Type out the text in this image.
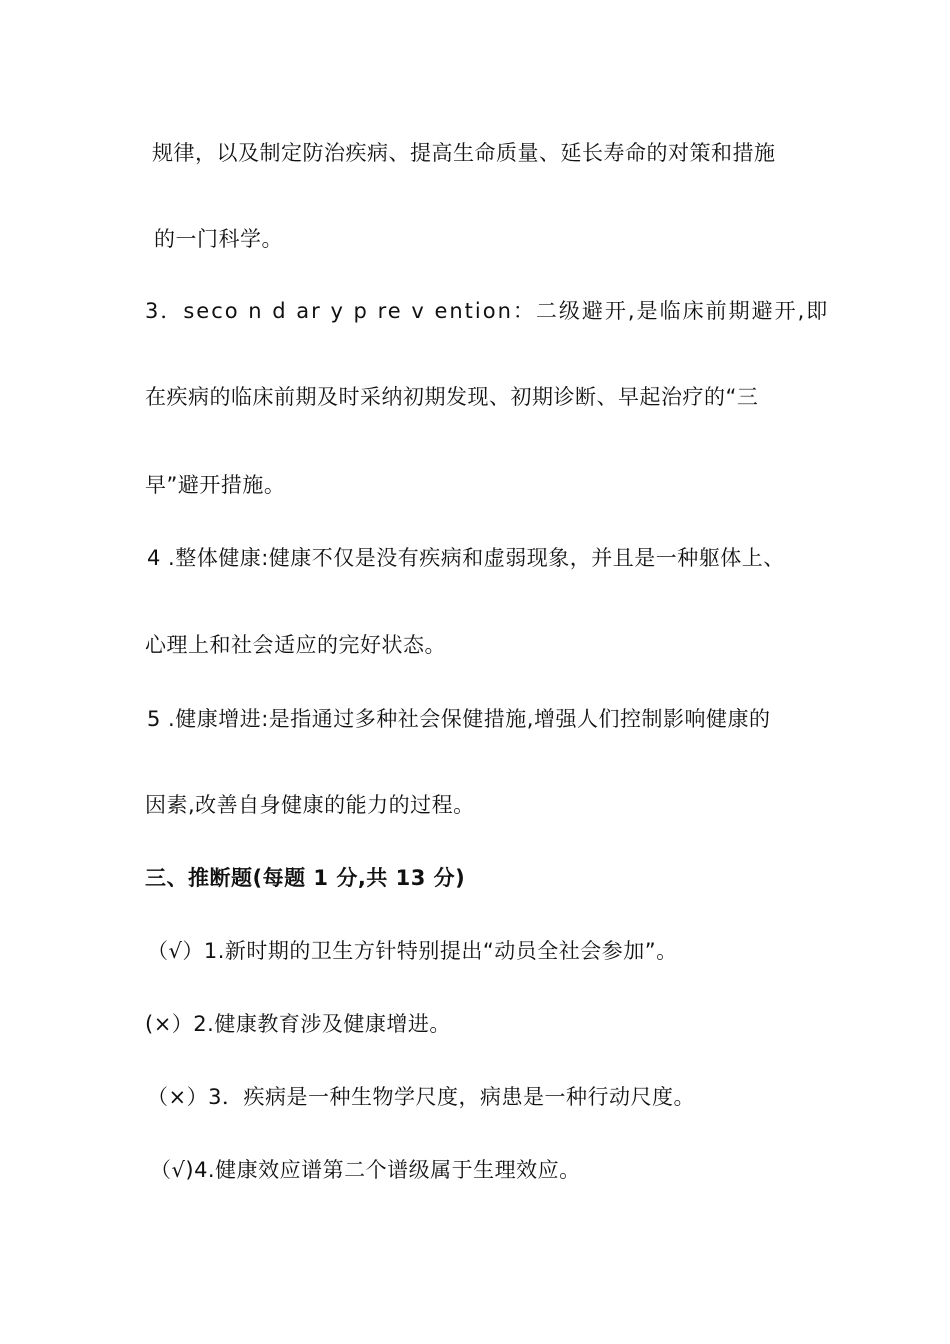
规律，以及制定防治疾病、提高生命质量、延长寿命的对策和措施
的一门科学。
3．seco n d ar y p re v ention：二级避开,是临床前期避开,即
在疾病的临床前期及时采纳初期发现、初期诊断、早起治疗的“三
早”避开措施。
4 .整体健康:健康不仅是没有疾病和虚弱现象，并且是一种躯体上、
心理上和社会适应的完好状态。
5 .健康增进:是指通过多种社会保健措施,增强人们控制影响健康的
因素,改善自身健康的能力的过程。
三、推断题(每题 1 分,共 13 分)
（√）1.新时期的卫生方针特别提出“动员全社会参加”。
(×）2.健康教育涉及健康增进。
（×）3．疾病是一种生物学尺度，病患是一种行动尺度。
（√)4.健康效应谱第二个谱级属于生理效应。
